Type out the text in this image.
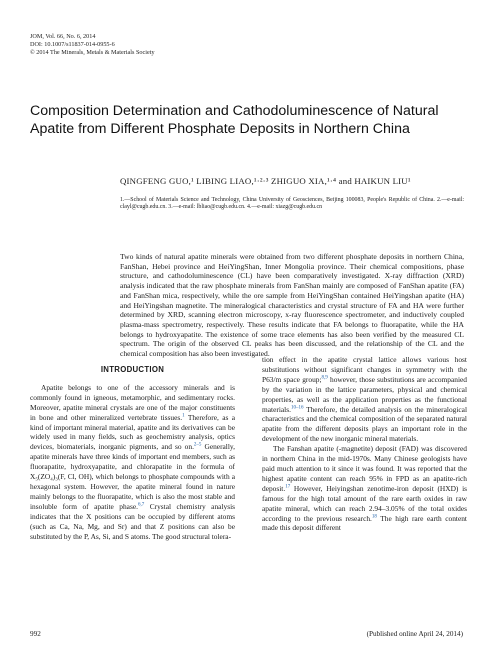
JOM, Vol. 66, No. 6, 2014
DOI: 10.1007/s11837-014-0955-6
© 2014 The Minerals, Metals & Materials Society
Composition Determination and Cathodoluminescence of Natural Apatite from Different Phosphate Deposits in Northern China
QINGFENG GUO,¹ LIBING LIAO,¹·²·³ ZHIGUO XIA,¹·⁴ and HAIKUN LIU¹
1.—School of Materials Science and Technology, China University of Geosciences, Beijing 100083, People's Republic of China. 2.—e-mail: clayl@cugb.edu.cn. 3.—e-mail: lbliao@cugb.edu.cn. 4.—e-mail: xiazg@cugb.edu.cn

Two kinds of natural apatite minerals were obtained from two different phosphate deposits in northern China, FanShan, Hebei province and HeiYingShan, Inner Mongolia province. Their chemical compositions, phase structure, and cathodoluminescence (CL) have been comparatively investigated. X-ray diffraction (XRD) analysis indicated that the raw phosphate minerals from FanShan mainly are composed of FanShan apatite (FA) and FanShan mica, respectively, while the ore sample from HeiYingShan contained HeiYingshan apatite (HA) and HeiYingshan magnetite. The mineralogical characteristics and crystal structure of FA and HA were further determined by XRD, scanning electron microscopy, x-ray fluorescence spectrometer, and inductively coupled plasma-mass spectrometry, respectively. These results indicate that FA belongs to fluorapatite, while the HA belongs to hydroxyapatite. The existence of some trace elements has also been verified by the measured CL spectrum. The origin of the observed CL peaks has been discussed, and the relationship of the CL and the chemical composition has also been investigated.

INTRODUCTION

Apatite belongs to one of the accessory minerals and is commonly found in igneous, metamorphic, and sedimentary rocks. Moreover, apatite mineral crystals are one of the major constituents in bone and other mineralized vertebrate tissues.$^1$ Therefore, as a kind of important mineral material, apatite and its derivatives can be widely used in many fields, such as geochemistry analysis, optics devices, biomaterials, inorganic pigments, and so on.$^{2-5}$ Generally, apatite minerals have three kinds of important end members, such as fluorapatite, hydroxyapatite, and chlorapatite in the formula of X₅(ZO₄)₃(F, Cl, OH), which belongs to phosphate compounds with a hexagonal system. However, the apatite mineral found in nature mainly belongs to the fluorapatite, which is also the most stable and insoluble form of apatite phase.$^{6,7}$ Crystal chemistry analysis indicates that the X positions can be occupied by different atoms (such as Ca, Na, Mg, and Sr) and that Z positions can also be substituted by the P, As, Si, and S atoms. The good structural tolera-

tion effect in the apatite crystal lattice allows various host substitutions without significant changes in symmetry with the P63/m space group;$^{8,9}$ however, those substitutions are accompanied by the variation in the lattice parameters, physical and chemical properties, as well as the application properties as the functional materials.$^{10-16}$ Therefore, the detailed analysis on the mineralogical characteristics and the chemical composition of the separated natural apatite from the different deposits plays an important role in the development of the new inorganic mineral materials.

The Fanshan apatite (-magnetite) deposit (FAD) was discovered in northern China in the mid-1970s. Many Chinese geologists have paid much attention to it since it was found. It was reported that the highest apatite content can reach 95% in FPD as an apatite-rich deposit.$^{17}$ However, Heiyingshan zenotime-iron deposit (HXD) is famous for the high total amount of the rare earth oxides in raw apatite mineral, which can reach 2.94–3.05% of the total oxides according to the previous research.$^{18}$ The high rare earth content made this deposit different

992	(Published online April 24, 2014)
